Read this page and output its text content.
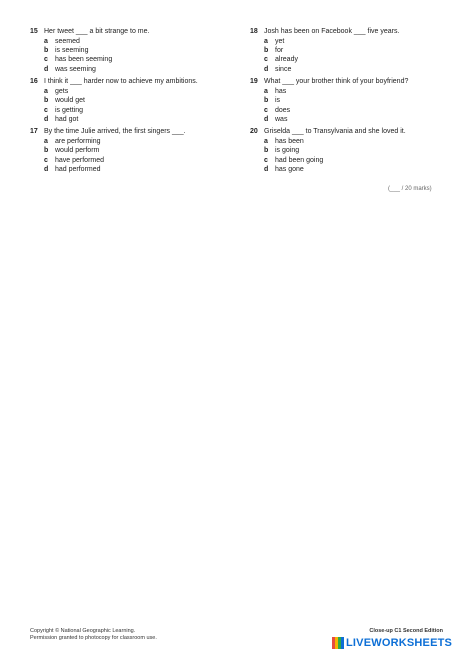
15 Her tweet ___ a bit strange to me.
a	seemed
b is seeming
c	has been seeming
d was seeming
16 I think it ___ harder now to achieve my ambitions.
a	gets
b would get
c	is getting
d had got
17 By the time Julie arrived, the first singers ___.
a	are performing
b would perform
c	have performed
d had performed
18 Josh has been on Facebook ___ five years.
a	yet
b for
c	already
d since
19 What ___ your brother think of your boyfriend?
a	has
b is
c	does
d was
20 Griselda ___ to Transylvania and she loved it.
a	has been
b is going
c	had been going
d has gone
(___ / 20 marks)
Copyright © National Geographic Learning.
Permission granted to photocopy for classroom use.
Close-up C1 Second Edition
LIVEWORKSHEETS
